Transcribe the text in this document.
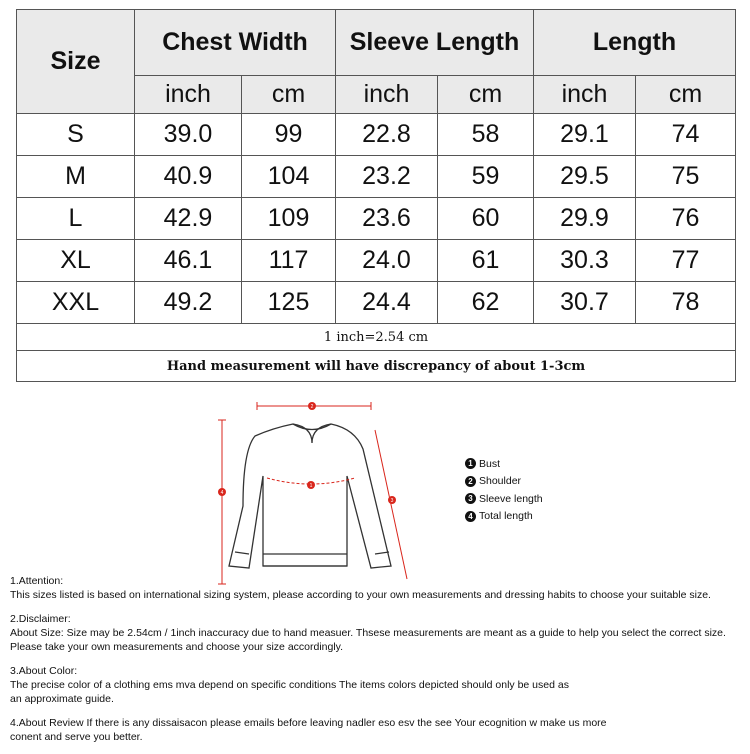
Size	Chest Width		Sleeve Length		Length	
	inch	cm	inch	cm	inch	cm
S	39.0	99	22.8	58	29.1	74
M	40.9	104	23.2	59	29.5	75
L	42.9	109	23.6	60	29.9	76
XL	46.1	117	24.0	61	30.3	77
XXL	49.2	125	24.4	62	30.7	78
1 inch=2.54 cm						
Hand measurement will have discrepancy of about 1-3cm						
2
4
1
3
1 Bust
2 Shoulder
3 Sleeve length
4 Total length

1.Attention:
This sizes listed is based on international sizing system, please according to your own measurements and dressing habits to choose your suitable size.

2.Disclaimer:
About Size: Size may be 2.54cm / 1inch inaccuracy due to hand measuer. Thsese measurements are meant as a guide to help you select the correct size.
Please take your own measurements and choose your size accordingly.

3.About Color:
The precise color of a clothing ems mva depend on specific conditions The items colors depicted should only be used as
an approximate guide.

4.About Review If there is any dissaisacon please emails before leaving nadler eso esv the see Your ecognition w make us more
conent and serve you better.
